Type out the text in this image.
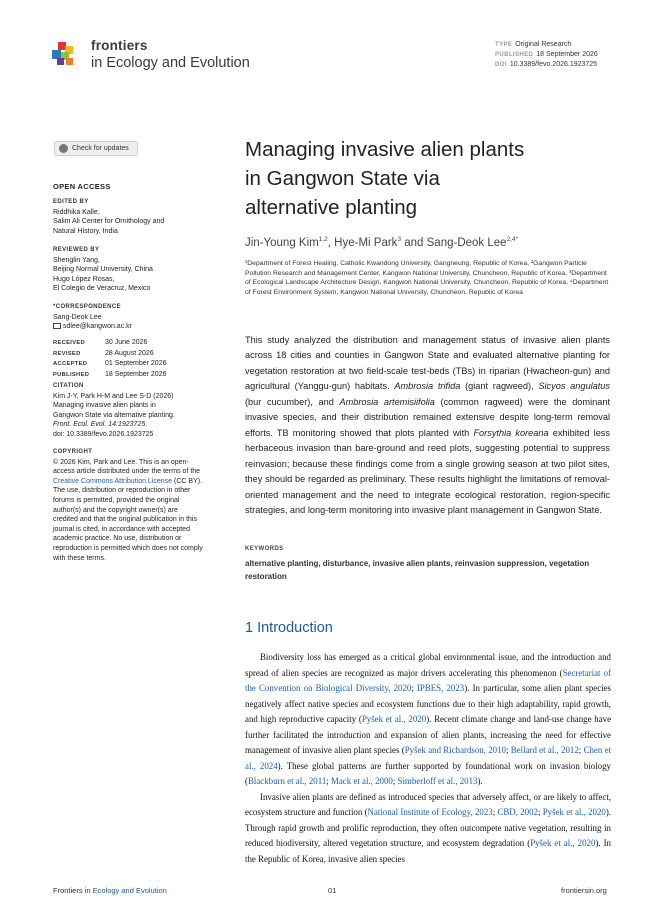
frontiers
in Ecology and Evolution
TYPE Original Research
PUBLISHED 18 September 2026
DOI 10.3389/fevo.2026.1923725
Check for updates
OPEN ACCESS
EDITED BY
Riddhika Kalle,
Salim Ali Center for Ornithology and
Natural History, India
REVIEWED BY
Shenglin Yang,
Beijing Normal University, China
Hugo López Rosas,
El Colegio de Veracruz, Mexico
*CORRESPONDENCE
Sang-Deok Lee
sdlee@kangwon.ac.kr
RECEIVED	30 June 2026
REVISED	28 August 2026
ACCEPTED	01 September 2026
PUBLISHED 18 September 2026
CITATION
Kim J-Y, Park H-M and Lee S-D (2026)
Managing invasive alien plants in
Gangwon State via alternative planting.
Front. Ecol. Evol. 14:1923725.
doi: 10.3389/fevo.2026.1923725
COPYRIGHT
© 2026 Kim, Park and Lee. This is an open-access article distributed under the terms of the Creative Commons Attribution License (CC BY). The use, distribution or reproduction in other forums is permitted, provided the original author(s) and the copyright owner(s) are credited and that the original publication in this journal is cited, in accordance with accepted academic practice. No use, distribution or reproduction is permitted which does not comply with these terms.
Managing invasive alien plants in Gangwon State via alternative planting
Jin-Young Kim$^{1,2}$, Hye-Mi Park$^3$ and Sang-Deok Lee$^{2,4*}$
¹Department of Forest Healing, Catholic Kwandong University, Gangneung, Republic of Korea, ²Gangwon Particle Pollution Research and Management Center, Kangwon National University, Chuncheon, Republic of Korea, ³Department of Ecological Landscape Architecture Design, Kangwon National University, Chuncheon, Republic of Korea, ⁴Department of Forest Environment System, Kangwon National University, Chuncheon, Republic of Korea
This study analyzed the distribution and management status of invasive alien plants across 18 cities and counties in Gangwon State and evaluated alternative planting for vegetation restoration at two field-scale test-beds (TBs) in riparian (Hwacheon-gun) and agricultural (Yanggu-gun) habitats. Ambrosia trifida (giant ragweed), Sicyos angulatus (bur cucumber), and Ambrosia artemisiifolia (common ragweed) were the dominant invasive species, and their distribution remained extensive despite long-term removal efforts. TB monitoring showed that plots planted with Forsythia koreana exhibited less herbaceous invasion than bare-ground and reed plots, suggesting potential to suppress reinvasion; because these findings come from a single growing season at two pilot sites, they should be regarded as preliminary. These results highlight the limitations of removal-oriented management and the need to integrate ecological restoration, region-specific strategies, and long-term monitoring into invasive plant management in Gangwon State.
KEYWORDS
alternative planting, disturbance, invasive alien plants, reinvasion suppression, vegetation restoration
1 Introduction

Biodiversity loss has emerged as a critical global environmental issue, and the introduction and spread of alien species are recognized as major drivers accelerating this phenomenon (Secretariat of the Convention on Biological Diversity, 2020; IPBES, 2023). In particular, some alien plant species negatively affect native species and ecosystem functions due to their high adaptability, rapid growth, and high reproductive capacity (Pyšek et al., 2020). Recent climate change and land-use change have further facilitated the introduction and expansion of alien plants, increasing the need for effective management of invasive alien plant species (Pyšek and Richardson, 2010; Bellard et al., 2012; Chen et al., 2024). These global patterns are further supported by foundational work on invasion biology (Blackburn et al., 2011; Mack et al., 2000; Simberloff et al., 2013).

Invasive alien plants are defined as introduced species that adversely affect, or are likely to affect, ecosystem structure and function (National Institute of Ecology, 2023; CBD, 2002; Pyšek et al., 2020). Through rapid growth and prolific reproduction, they often outcompete native vegetation, resulting in reduced biodiversity, altered vegetation structure, and ecosystem degradation (Pyšek et al., 2020). In the Republic of Korea, invasive alien species

Frontiers in Ecology and Evolution	01	frontiersin.org
